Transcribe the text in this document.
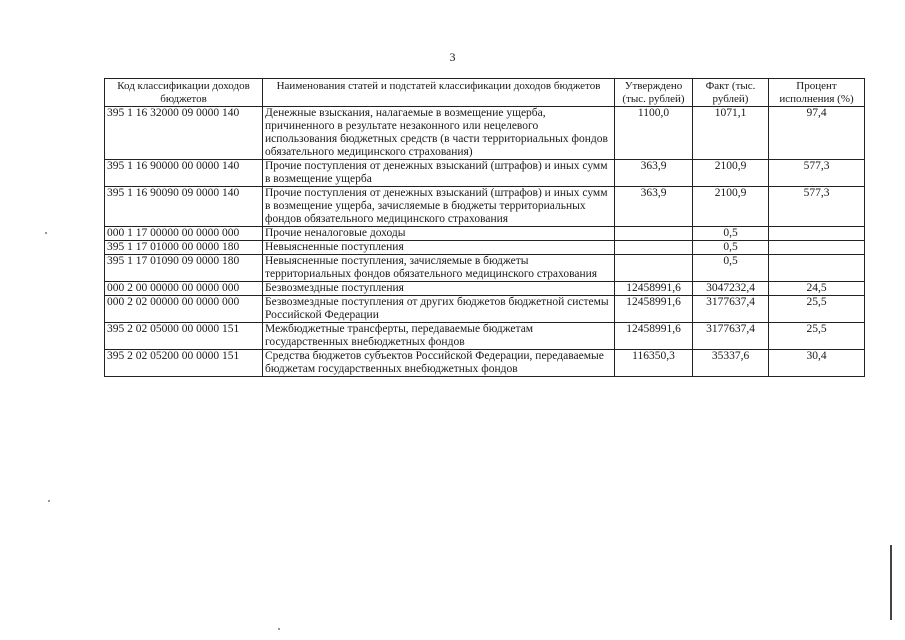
3
Код классификации доходов бюджетов	Наименования статей и подстатей классификации доходов бюджетов	Утверждено (тыс. рублей)	Факт (тыс. рублей)	Процент исполнения (%)
395 1 16 32000 09 0000 140	Денежные взыскания, налагаемые в возмещение ущерба, причиненного в результате незаконного или нецелевого использования бюджетных средств (в части территориальных фондов обязательного медицинского страхования)	1100,0	1071,1	97,4
395 1 16 90000 00 0000 140	Прочие поступления от денежных взысканий (штрафов) и иных сумм в возмещение ущерба	363,9	2100,9	577,3
395 1 16 90090 09 0000 140	Прочие поступления от денежных взысканий (штрафов) и иных сумм в возмещение ущерба, зачисляемые в бюджеты территориальных фондов обязательного медицинского страхования	363,9	2100,9	577,3
000 1 17 00000 00 0000 000	Прочие неналоговые доходы		0,5	
395 1 17 01000 00 0000 180	Невыясненные поступления		0,5	
395 1 17 01090 09 0000 180	Невыясненные поступления, зачисляемые в бюджеты территориальных фондов обязательного медицинского страхования		0,5	
000 2 00 00000 00 0000 000	Безвозмездные поступления	12458991,6	3047232,4	24,5
000 2 02 00000 00 0000 000	Безвозмездные поступления от других бюджетов бюджетной системы Российской Федерации	12458991,6	3177637,4	25,5
395 2 02 05000 00 0000 151	Межбюджетные трансферты, передаваемые бюджетам государственных внебюджетных фондов	12458991,6	3177637,4	25,5
395 2 02 05200 00 0000 151	Средства бюджетов субъектов Российской Федерации, передаваемые бюджетам государственных внебюджетных фондов	116350,3	35337,6	30,4
